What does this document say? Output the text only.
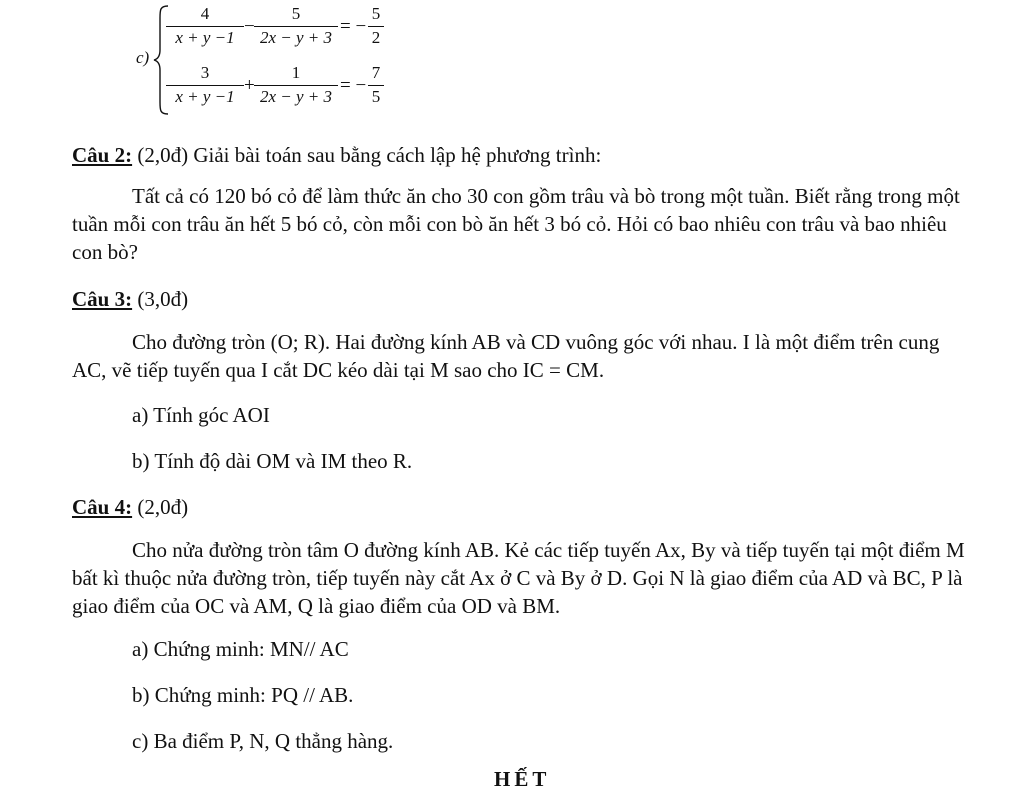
c)
4
x + y −1
−
5
2x − y + 3
= −
5
2
3
x + y −1
+
1
2x − y + 3
= −
7
5
Câu 2: (2,0đ) Giải bài toán sau bằng cách lập hệ phương trình:
Tất cả có 120 bó cỏ để làm thức ăn cho 30 con gồm trâu và bò trong một tuần. Biết rằng trong một tuần mỗi con trâu ăn hết 5 bó cỏ, còn mỗi con bò ăn hết 3 bó cỏ. Hỏi có bao nhiêu con trâu và bao nhiêu con bò?
Câu 3: (3,0đ)
Cho đường tròn (O; R). Hai đường kính AB và CD vuông góc với nhau. I là một điểm trên cung AC, vẽ tiếp tuyến qua I cắt DC kéo dài tại M sao cho IC = CM.
a) Tính góc AOI
b) Tính độ dài OM và IM theo R.
Câu 4: (2,0đ)
Cho nửa đường tròn tâm O đường kính AB. Kẻ các tiếp tuyến Ax, By và tiếp tuyến tại một điểm M bất kì thuộc nửa đường tròn, tiếp tuyến này cắt Ax ở C và By ở D. Gọi N là giao điểm của AD và BC, P là giao điểm của OC và AM, Q là giao điểm của OD và BM.
a) Chứng minh: MN// AC
b) Chứng minh: PQ // AB.
c) Ba điểm P, N, Q thẳng hàng.
HẾT
